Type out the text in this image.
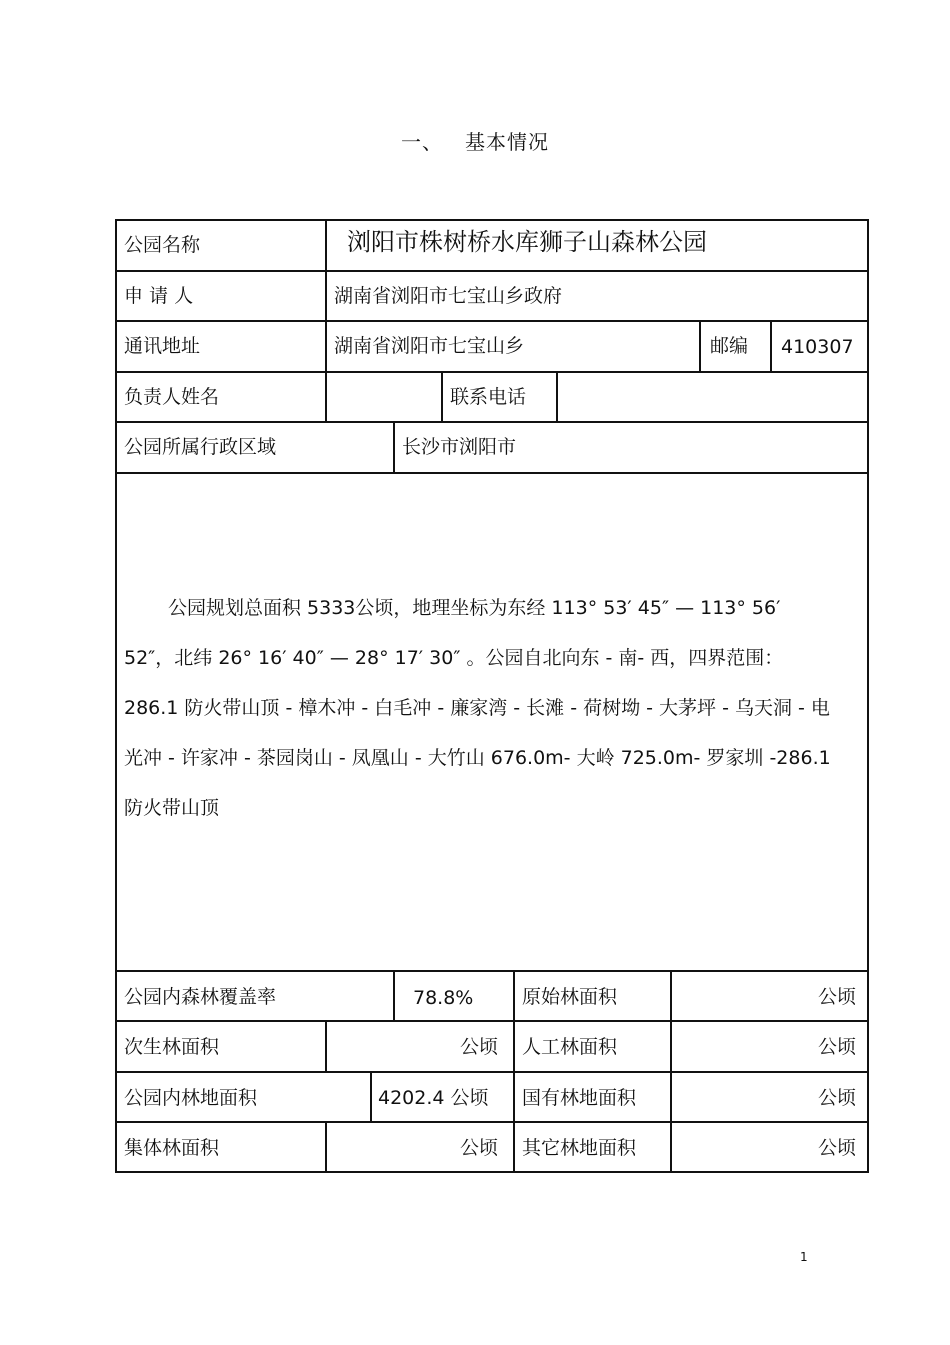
一、 基本情况
公园名称	浏阳市株树桥水库狮子山森林公园
申 请 人	湖南省浏阳市七宝山乡政府
通讯地址	湖南省浏阳市七宝山乡	邮编 410307
负责人姓名	联系电话
公园所属行政区域	长沙市浏阳市

公园规划总面积 5333公顷，地理坐标为东经 113° 53′ 45″ — 113° 56′

52″，北纬 26° 16′ 40″ — 28° 17′ 30″ 。公园自北向东 - 南- 西，四界范围：

286.1 防火带山顶 - 樟木冲 - 白毛冲 - 廉家湾 - 长滩 - 荷树坳 - 大茅坪 - 乌天洞 - 电

光冲 - 许家冲 - 茶园岗山 - 凤凰山 - 大竹山 676.0m- 大岭 725.0m- 罗家圳 -286.1

防火带山顶

公园内森林覆盖率	78.8%	原始林面积	公顷
次生林面积	公顷 人工林面积	公顷
公园内林地面积	4202.4 公顷 国有林地面积	公顷
集体林面积	公顷 其它林地面积	公顷
1
